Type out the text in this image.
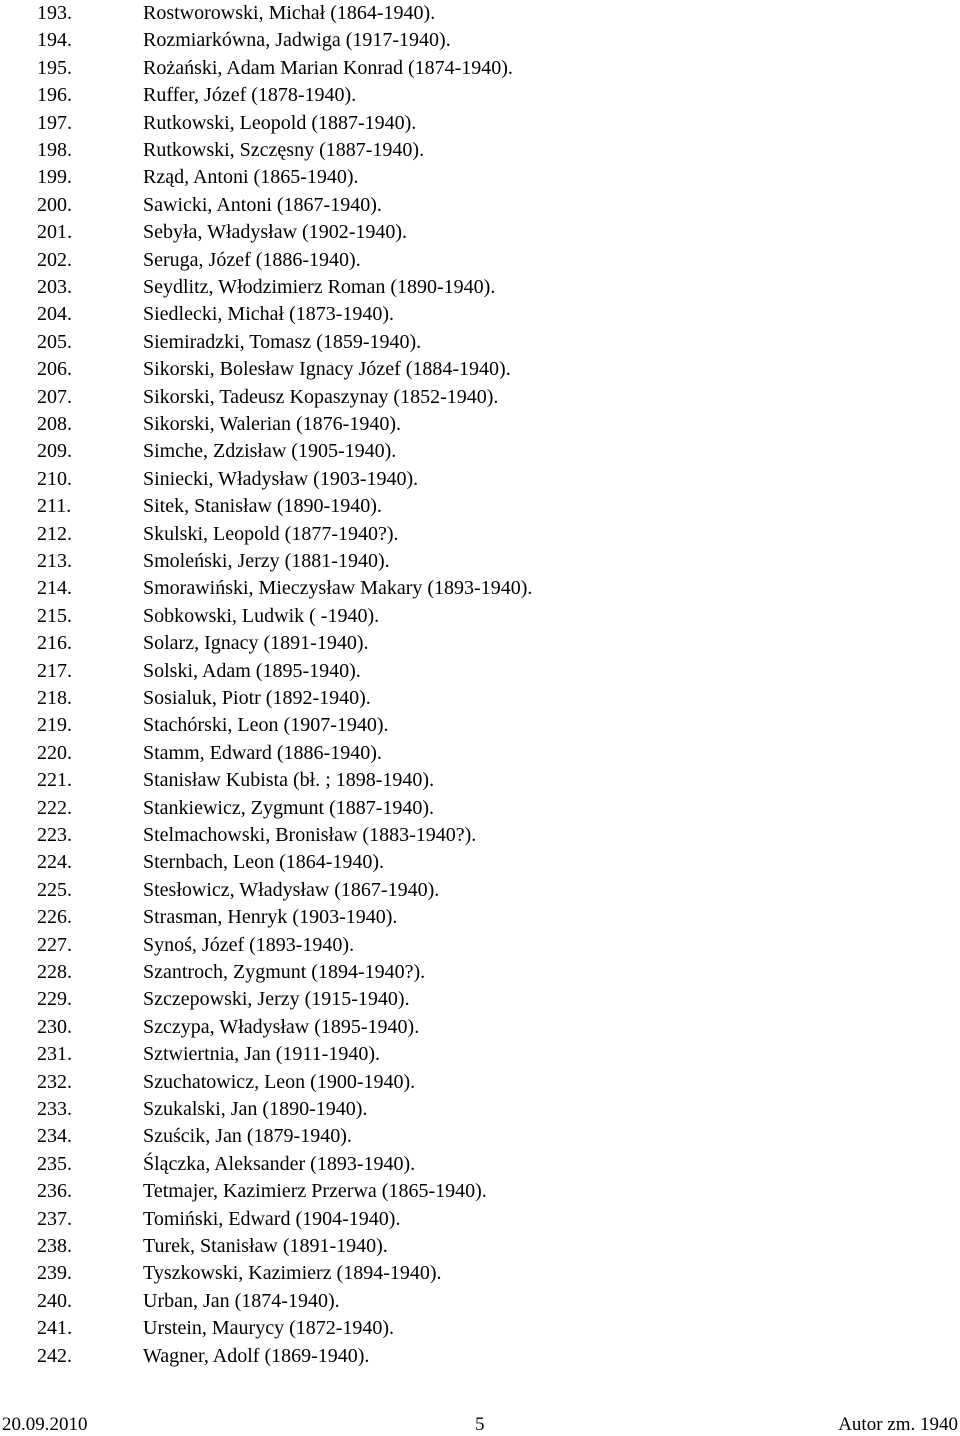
193.	Rostworowski, Michał (1864-1940).
194.	Rozmiarkówna, Jadwiga (1917-1940).
195.	Rożański, Adam Marian Konrad (1874-1940).
196.	Ruffer, Józef (1878-1940).
197.	Rutkowski, Leopold (1887-1940).
198.	Rutkowski, Szczęsny (1887-1940).
199.	Rząd, Antoni (1865-1940).
200.	Sawicki, Antoni (1867-1940).
201.	Sebyła, Władysław (1902-1940).
202.	Seruga, Józef (1886-1940).
203.	Seydlitz, Włodzimierz Roman (1890-1940).
204.	Siedlecki, Michał (1873-1940).
205.	Siemiradzki, Tomasz (1859-1940).
206.	Sikorski, Bolesław Ignacy Józef (1884-1940).
207.	Sikorski, Tadeusz Kopaszynay (1852-1940).
208.	Sikorski, Walerian (1876-1940).
209.	Simche, Zdzisław (1905-1940).
210.	Siniecki, Władysław (1903-1940).
211.	Sitek, Stanisław (1890-1940).
212.	Skulski, Leopold (1877-1940?).
213.	Smoleński, Jerzy (1881-1940).
214.	Smorawiński, Mieczysław Makary (1893-1940).
215.	Sobkowski, Ludwik ( -1940).
216.	Solarz, Ignacy (1891-1940).
217.	Solski, Adam (1895-1940).
218.	Sosialuk, Piotr (1892-1940).
219.	Stachórski, Leon (1907-1940).
220.	Stamm, Edward (1886-1940).
221.	Stanisław Kubista (bł. ; 1898-1940).
222.	Stankiewicz, Zygmunt (1887-1940).
223.	Stelmachowski, Bronisław (1883-1940?).
224.	Sternbach, Leon (1864-1940).
225.	Stesłowicz, Władysław (1867-1940).
226.	Strasman, Henryk (1903-1940).
227.	Synoś, Józef (1893-1940).
228.	Szantroch, Zygmunt (1894-1940?).
229.	Szczepowski, Jerzy (1915-1940).
230.	Szczypa, Władysław (1895-1940).
231.	Sztwiertnia, Jan (1911-1940).
232.	Szuchatowicz, Leon (1900-1940).
233.	Szukalski, Jan (1890-1940).
234.	Szuścik, Jan (1879-1940).
235.	Ślączka, Aleksander (1893-1940).
236.	Tetmajer, Kazimierz Przerwa (1865-1940).
237.	Tomiński, Edward (1904-1940).
238.	Turek, Stanisław (1891-1940).
239.	Tyszkowski, Kazimierz (1894-1940).
240.	Urban, Jan (1874-1940).
241.	Urstein, Maurycy (1872-1940).
242.	Wagner, Adolf (1869-1940).
20.09.2010	5	Autor zm. 1940
